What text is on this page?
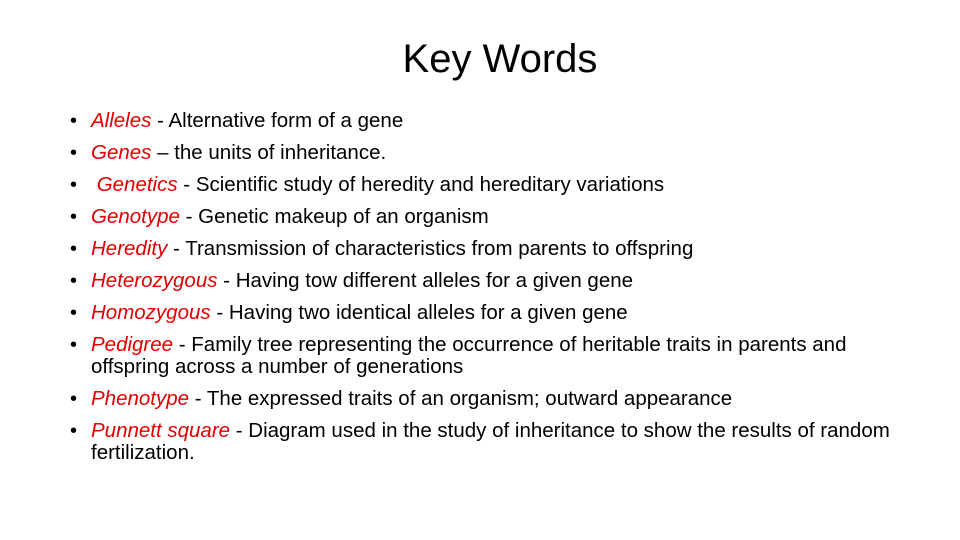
Key Words
• Alleles - Alternative form of a gene
• Genes – the units of inheritance.
•  Genetics - Scientific study of heredity and hereditary variations
• Genotype - Genetic makeup of an organism
• Heredity - Transmission of characteristics from parents to offspring
• Heterozygous - Having tow different alleles for a given gene
• Homozygous - Having two identical alleles for a given gene
• Pedigree - Family tree representing the occurrence of heritable traits in parents and offspring across a number of generations
• Phenotype - The expressed traits of an organism; outward appearance
• Punnett square - Diagram used in the study of inheritance to show the results of random fertilization.
